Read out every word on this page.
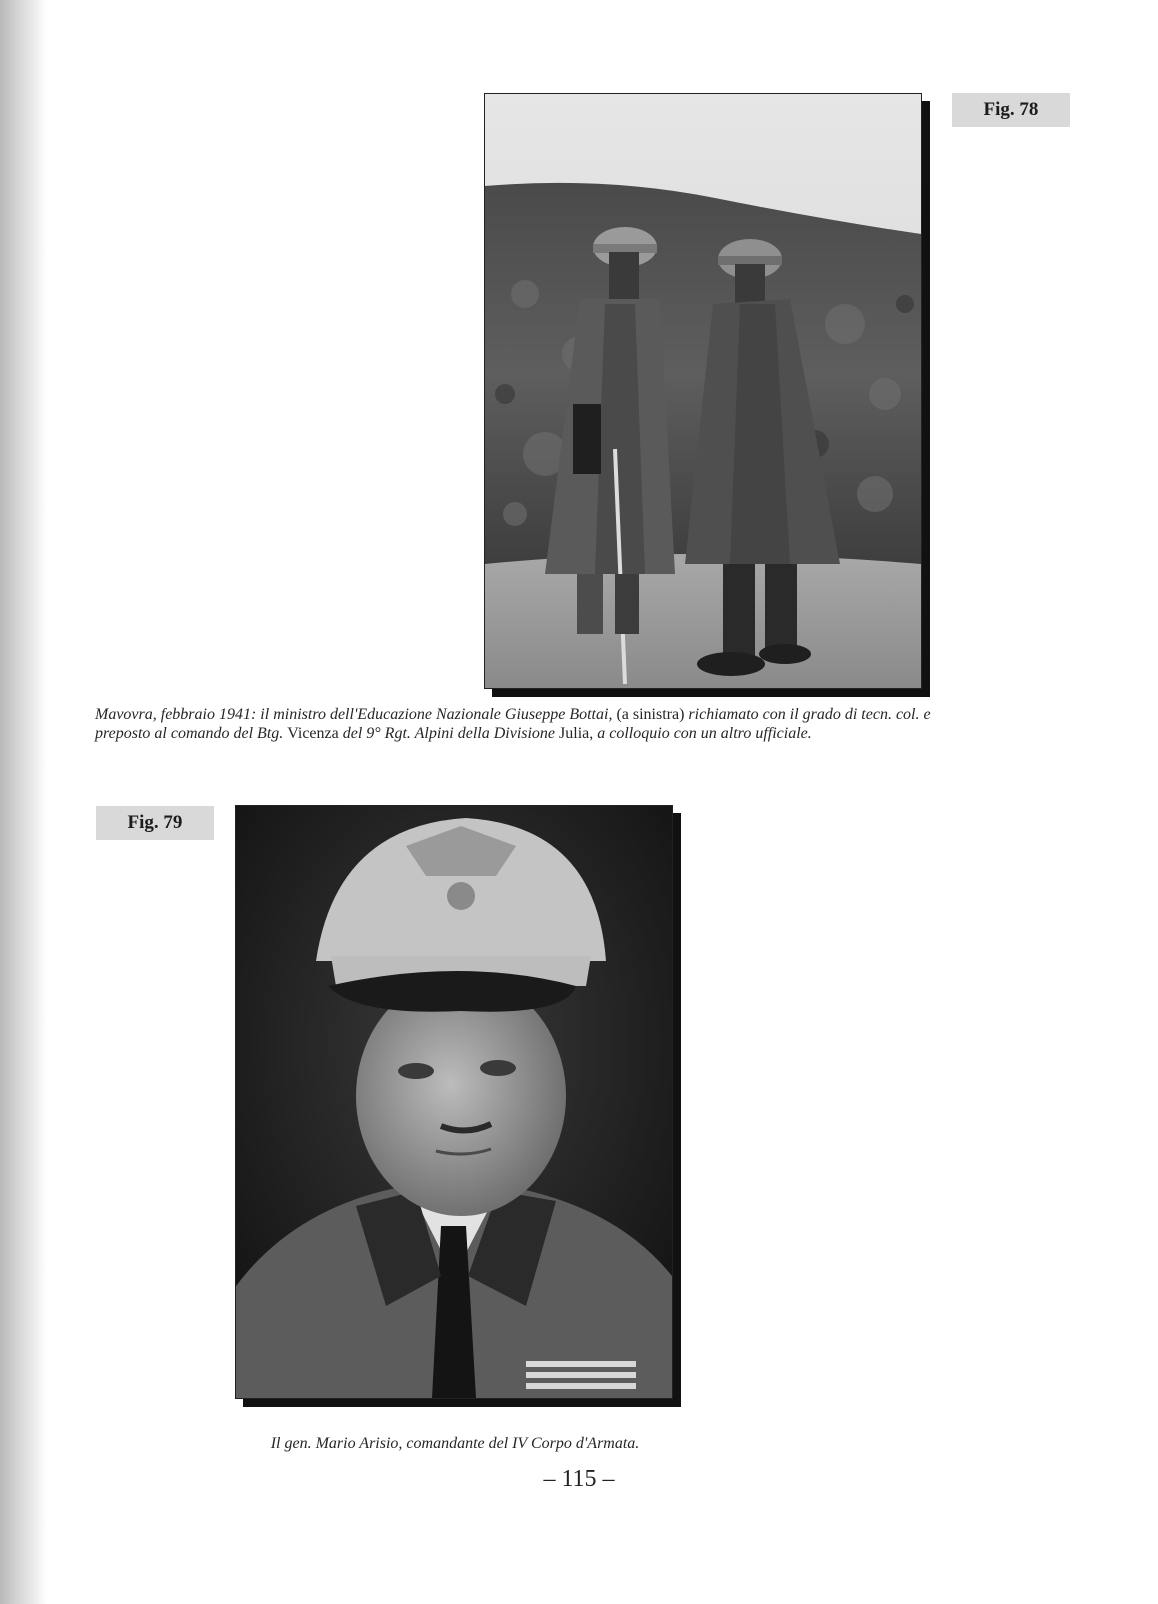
Fig. 78
Mavovra, febbraio 1941: il ministro dell'Educazione Nazionale Giuseppe Bottai, (a sinistra) richiamato con il grado di tecn. col. e preposto al comando del Btg. Vicenza del 9° Rgt. Alpini della Divisione Julia, a colloquio con un altro ufficiale.
Fig. 79
Il gen. Mario Arisio, comandante del IV Corpo d'Armata.
– 115 –
